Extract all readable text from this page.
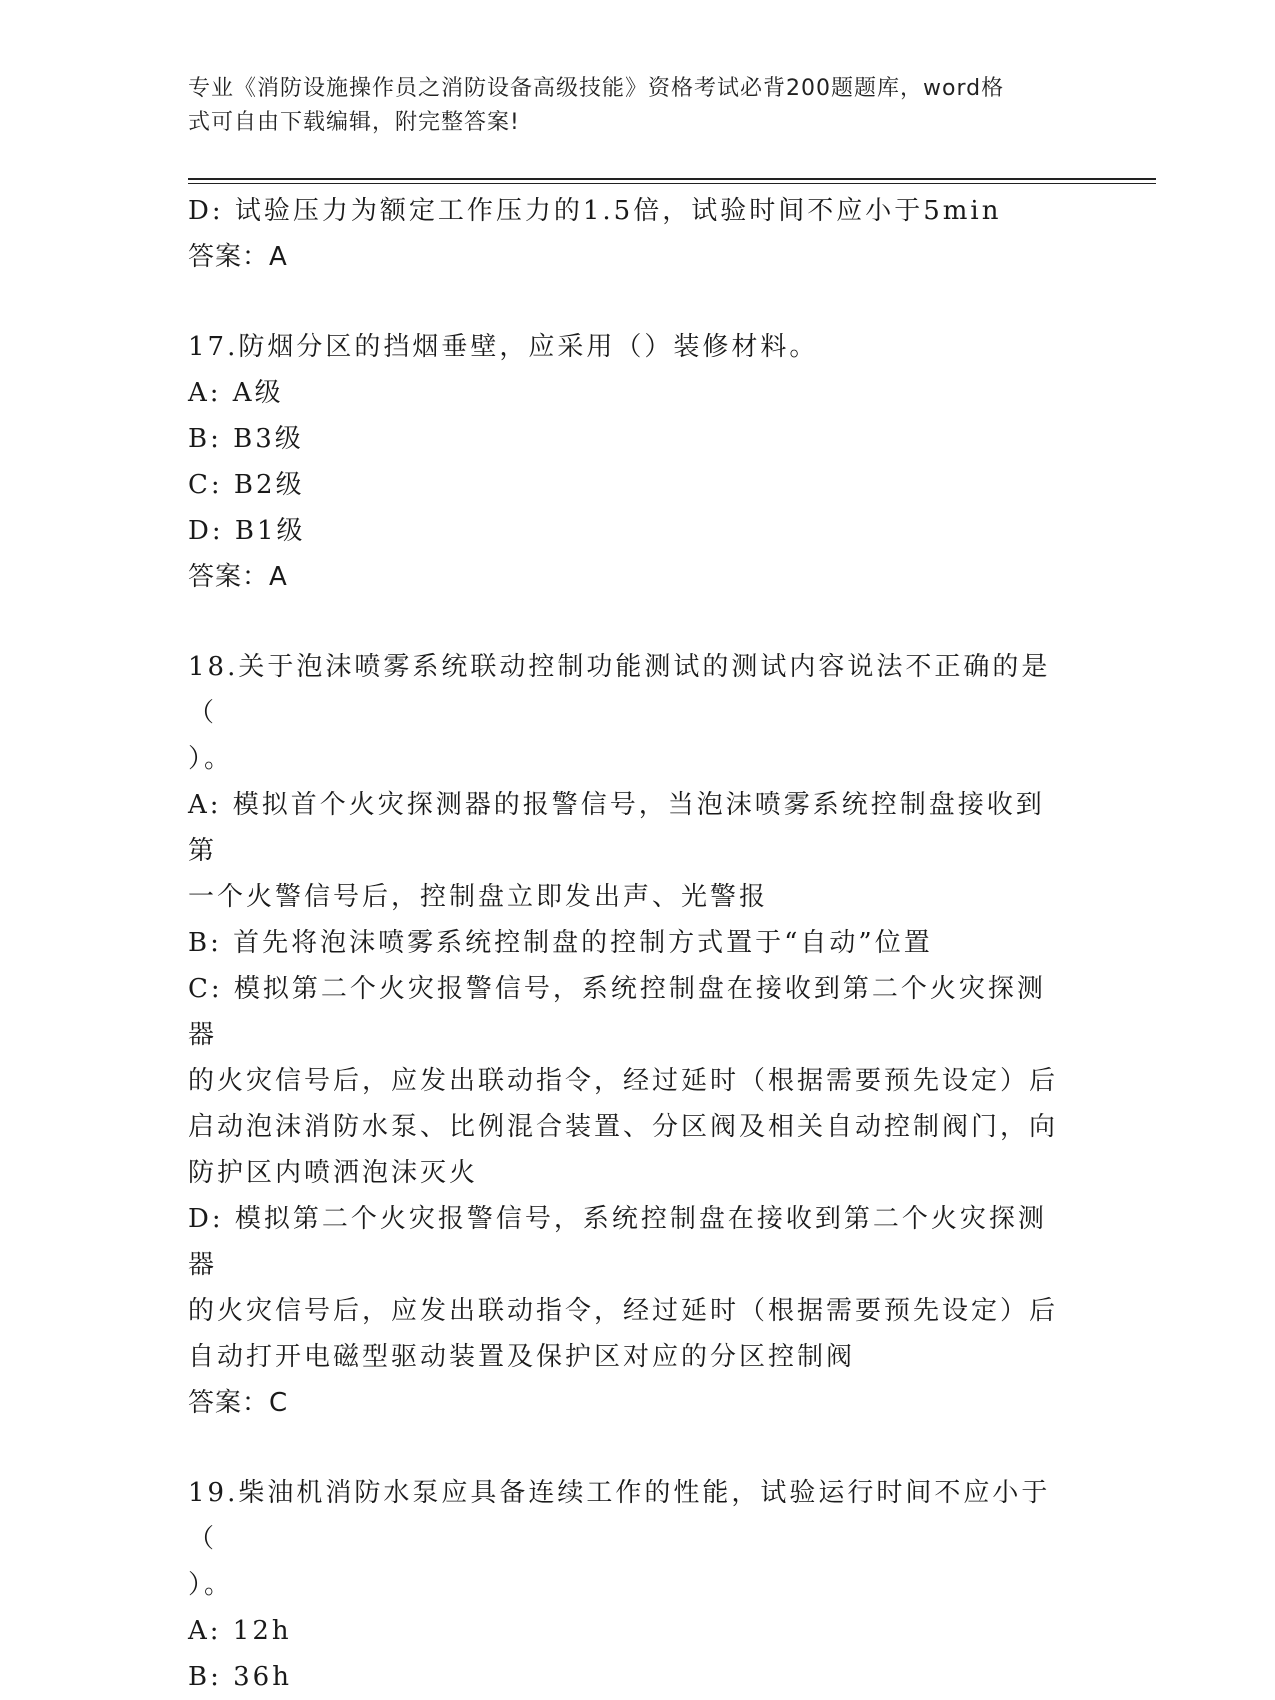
专业《消防设施操作员之消防设备高级技能》资格考试必背200题题库，word格
式可自由下载编辑，附完整答案!
D: 试验压力为额定工作压力的1.5倍，试验时间不应小于5min
答案：A
17.防烟分区的挡烟垂壁，应采用（）装修材料。
A: A级
B: B3级
C: B2级
D: B1级
答案：A
18.关于泡沫喷雾系统联动控制功能测试的测试内容说法不正确的是（
）。
A: 模拟首个火灾探测器的报警信号，当泡沫喷雾系统控制盘接收到第
一个火警信号后，控制盘立即发出声、光警报
B: 首先将泡沫喷雾系统控制盘的控制方式置于“自动”位置
C: 模拟第二个火灾报警信号，系统控制盘在接收到第二个火灾探测器
的火灾信号后，应发出联动指令，经过延时（根据需要预先设定）后
启动泡沫消防水泵、比例混合装置、分区阀及相关自动控制阀门，向
防护区内喷洒泡沫灭火
D: 模拟第二个火灾报警信号，系统控制盘在接收到第二个火灾探测器
的火灾信号后，应发出联动指令，经过延时（根据需要预先设定）后
自动打开电磁型驱动装置及保护区对应的分区控制阀
答案：C
19.柴油机消防水泵应具备连续工作的性能，试验运行时间不应小于（
）。
A: 12h
B: 36h
